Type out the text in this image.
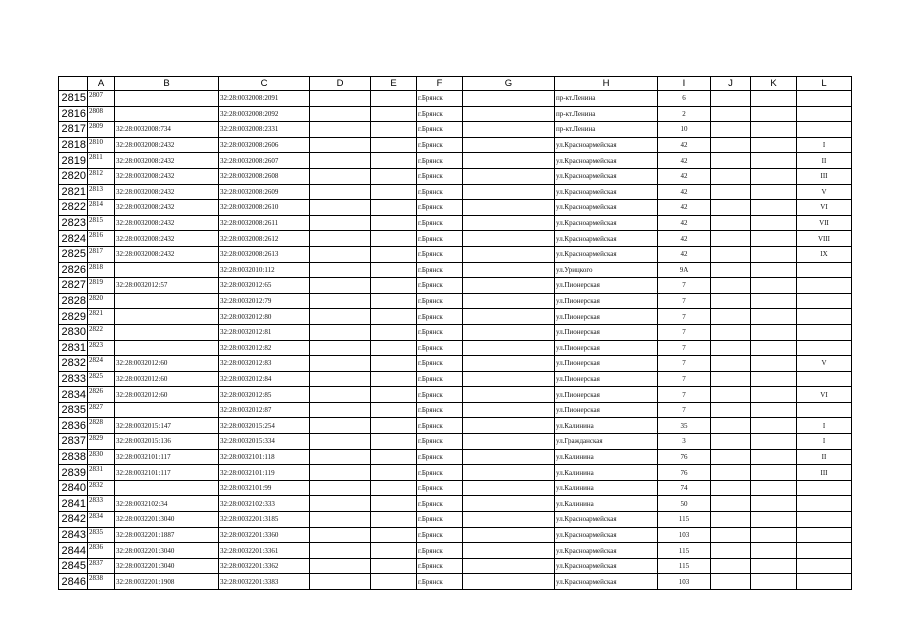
	A	B	C	D	E	F	G	H	I	J	K	L
2815	2807		32:28:0032008:2091			г.Брянск		пр-кт.Ленина	6			
2816	2808		32:28:0032008:2092			г.Брянск		пр-кт.Ленина	2			
2817	2809	32:28:0032008:734	32:28:0032008:2331			г.Брянск		пр-кт.Ленина	10			
2818	2810	32:28:0032008:2432	32:28:0032008:2606			г.Брянск		ул.Красноармейская	42			I
2819	2811	32:28:0032008:2432	32:28:0032008:2607			г.Брянск		ул.Красноармейская	42			II
2820	2812	32:28:0032008:2432	32:28:0032008:2608			г.Брянск		ул.Красноармейская	42			III
2821	2813	32:28:0032008:2432	32:28:0032008:2609			г.Брянск		ул.Красноармейская	42			V
2822	2814	32:28:0032008:2432	32:28:0032008:2610			г.Брянск		ул.Красноармейская	42			VI
2823	2815	32:28:0032008:2432	32:28:0032008:2611			г.Брянск		ул.Красноармейская	42			VII
2824	2816	32:28:0032008:2432	32:28:0032008:2612			г.Брянск		ул.Красноармейская	42			VIII
2825	2817	32:28:0032008:2432	32:28:0032008:2613			г.Брянск		ул.Красноармейская	42			IX
2826	2818		32:28:0032010:112			г.Брянск		ул.Урицкого	9А			
2827	2819	32:28:0032012:57	32:28:0032012:65			г.Брянск		ул.Пионерская	7			
2828	2820		32:28:0032012:79			г.Брянск		ул.Пионерская	7			
2829	2821		32:28:0032012:80			г.Брянск		ул.Пионерская	7			
2830	2822		32:28:0032012:81			г.Брянск		ул.Пионерская	7			
2831	2823		32:28:0032012:82			г.Брянск		ул.Пионерская	7			
2832	2824	32:28:0032012:60	32:28:0032012:83			г.Брянск		ул.Пионерская	7			V
2833	2825	32:28:0032012:60	32:28:0032012:84			г.Брянск		ул.Пионерская	7			
2834	2826	32:28:0032012:60	32:28:0032012:85			г.Брянск		ул.Пионерская	7			VI
2835	2827		32:28:0032012:87			г.Брянск		ул.Пионерская	7			
2836	2828	32:28:0032015:147	32:28:0032015:254			г.Брянск		ул.Калинина	35			I
2837	2829	32:28:0032015:136	32:28:0032015:334			г.Брянск		ул.Гражданская	3			I
2838	2830	32:28:0032101:117	32:28:0032101:118			г.Брянск		ул.Калинина	76			II
2839	2831	32:28:0032101:117	32:28:0032101:119			г.Брянск		ул.Калинина	76			III
2840	2832		32:28:0032101:99			г.Брянск		ул.Калинина	74			
2841	2833	32:28:0032102:34	32:28:0032102:333			г.Брянск		ул.Калинина	50			
2842	2834	32:28:0032201:3040	32:28:0032201:3185			г.Брянск		ул.Красноармейская	115			
2843	2835	32:28:0032201:1887	32:28:0032201:3360			г.Брянск		ул.Красноармейская	103			
2844	2836	32:28:0032201:3040	32:28:0032201:3361			г.Брянск		ул.Красноармейская	115			
2845	2837	32:28:0032201:3040	32:28:0032201:3362			г.Брянск		ул.Красноармейская	115			
2846	2838	32:28:0032201:1908	32:28:0032201:3383			г.Брянск		ул.Красноармейская	103			
